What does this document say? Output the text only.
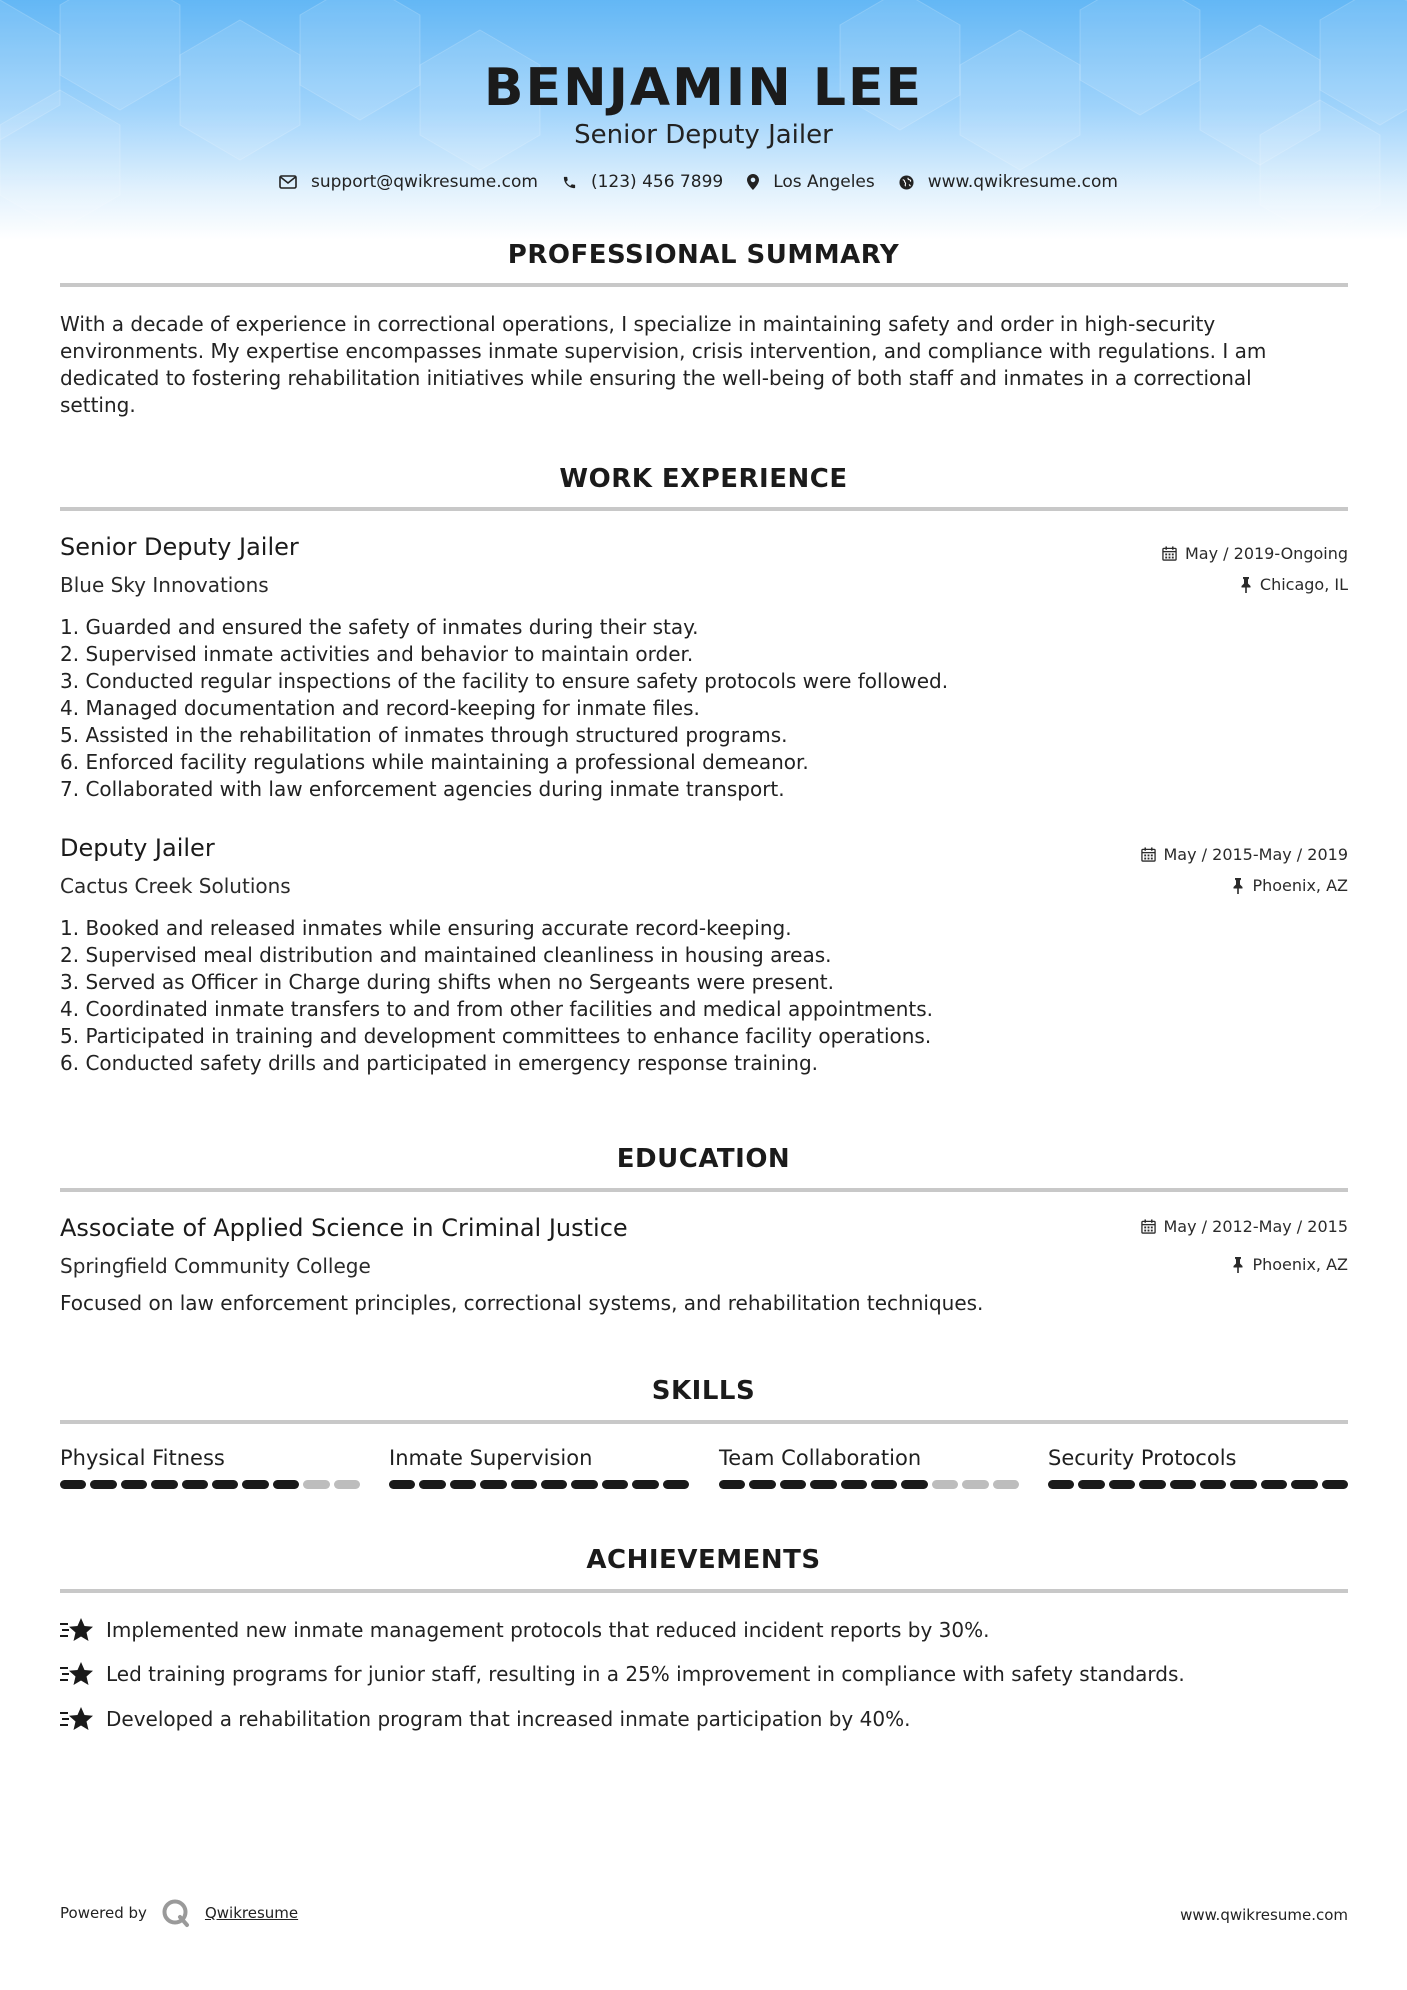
BENJAMIN LEE
Senior Deputy Jailer
support@qwikresume.com	(123) 456 7899	Los Angeles	www.qwikresume.com
PROFESSIONAL SUMMARY
With a decade of experience in correctional operations, I specialize in maintaining safety and order in high-security
environments. My expertise encompasses inmate supervision, crisis intervention, and compliance with regulations. I am
dedicated to fostering rehabilitation initiatives while ensuring the well-being of both staff and inmates in a correctional
setting.
WORK EXPERIENCE
Senior Deputy Jailer
Blue Sky Innovations
May / 2019-Ongoing
Chicago, IL
1. Guarded and ensured the safety of inmates during their stay.
2. Supervised inmate activities and behavior to maintain order.
3. Conducted regular inspections of the facility to ensure safety protocols were followed.
4. Managed documentation and record-keeping for inmate files.
5. Assisted in the rehabilitation of inmates through structured programs.
6. Enforced facility regulations while maintaining a professional demeanor.
7. Collaborated with law enforcement agencies during inmate transport.
Deputy Jailer
Cactus Creek Solutions
May / 2015-May / 2019
Phoenix, AZ
1. Booked and released inmates while ensuring accurate record-keeping.
2. Supervised meal distribution and maintained cleanliness in housing areas.
3. Served as Officer in Charge during shifts when no Sergeants were present.
4. Coordinated inmate transfers to and from other facilities and medical appointments.
5. Participated in training and development committees to enhance facility operations.
6. Conducted safety drills and participated in emergency response training.
EDUCATION
Associate of Applied Science in Criminal Justice
Springfield Community College
Focused on law enforcement principles, correctional systems, and rehabilitation techniques.
May / 2012-May / 2015
Phoenix, AZ
SKILLS
Physical Fitness	Inmate Supervision	Team Collaboration	Security Protocols
ACHIEVEMENTS
Implemented new inmate management protocols that reduced incident reports by 30%.
Led training programs for junior staff, resulting in a 25% improvement in compliance with safety standards.
Developed a rehabilitation program that increased inmate participation by 40%.
Powered by	Qwikresume	www.qwikresume.com
